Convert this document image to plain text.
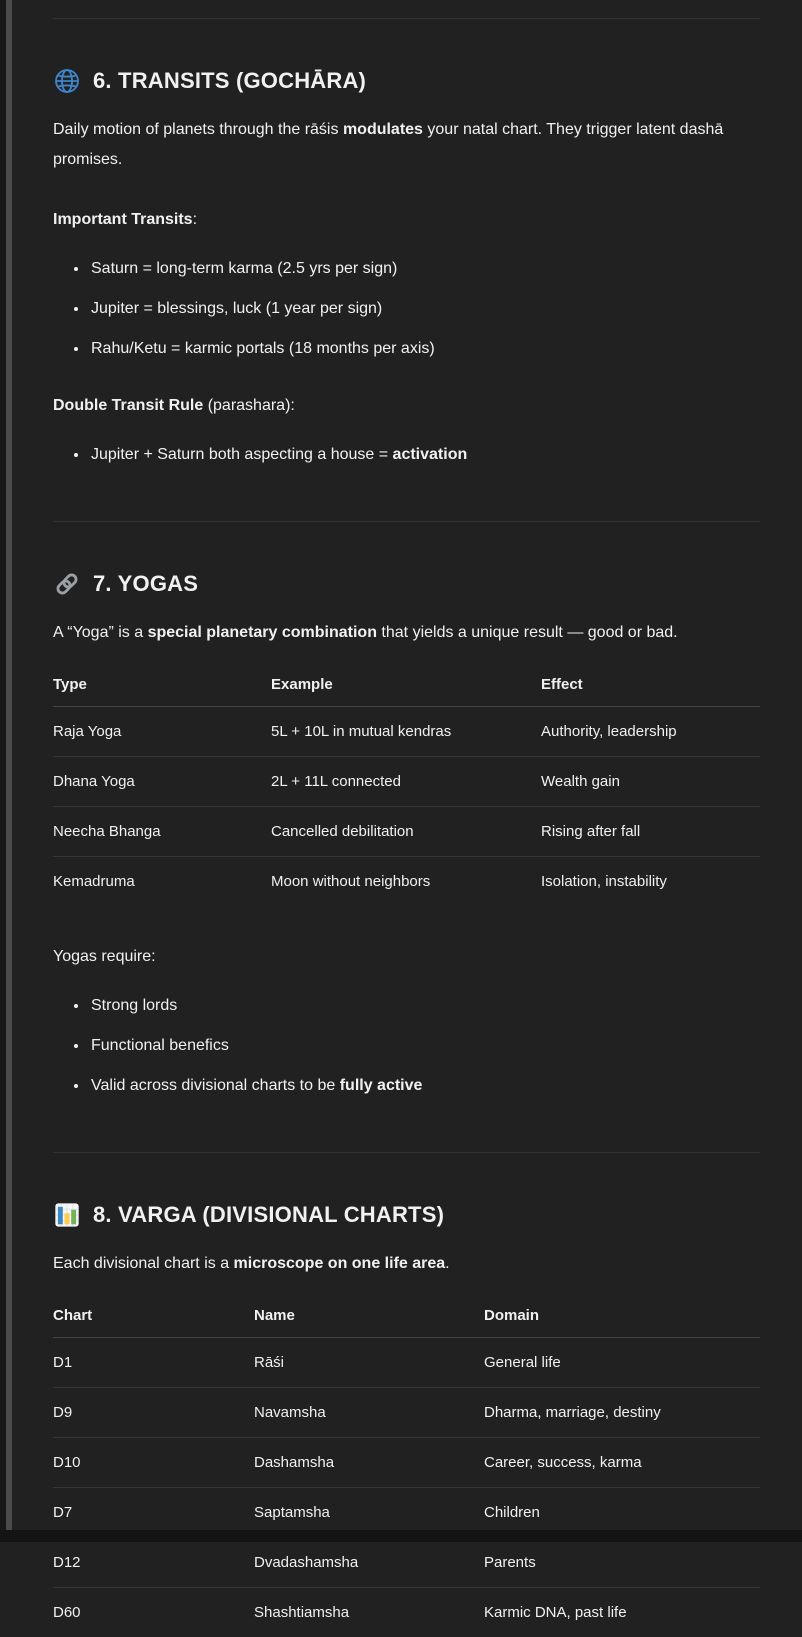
6. TRANSITS (GOCHĀRA)

Daily motion of planets through the rāśis modulates your natal chart. They trigger latent dashā promises.

Important Transits:

• Saturn = long-term karma (2.5 yrs per sign)
• Jupiter = blessings, luck (1 year per sign)
• Rahu/Ketu = karmic portals (18 months per axis)

Double Transit Rule (parashara):

• Jupiter + Saturn both aspecting a house = activation
7. YOGAS

A “Yoga” is a special planetary combination that yields a unique result — good or bad.

Type	Example	Effect
Raja Yoga	5L + 10L in mutual kendras	Authority, leadership
Dhana Yoga	2L + 11L connected	Wealth gain
Neecha Bhanga	Cancelled debilitation	Rising after fall
Kemadruma	Moon without neighbors	Isolation, instability

Yogas require:

• Strong lords
• Functional benefics
• Valid across divisional charts to be fully active
8. VARGA (DIVISIONAL CHARTS)

Each divisional chart is a microscope on one life area.

Chart	Name	Domain
D1	Rāśi	General life
D9	Navamsha	Dharma, marriage, destiny
D10	Dashamsha	Career, success, karma
D7	Saptamsha	Children
D12	Dvadashamsha	Parents
D60	Shashtiamsha	Karmic DNA, past life
